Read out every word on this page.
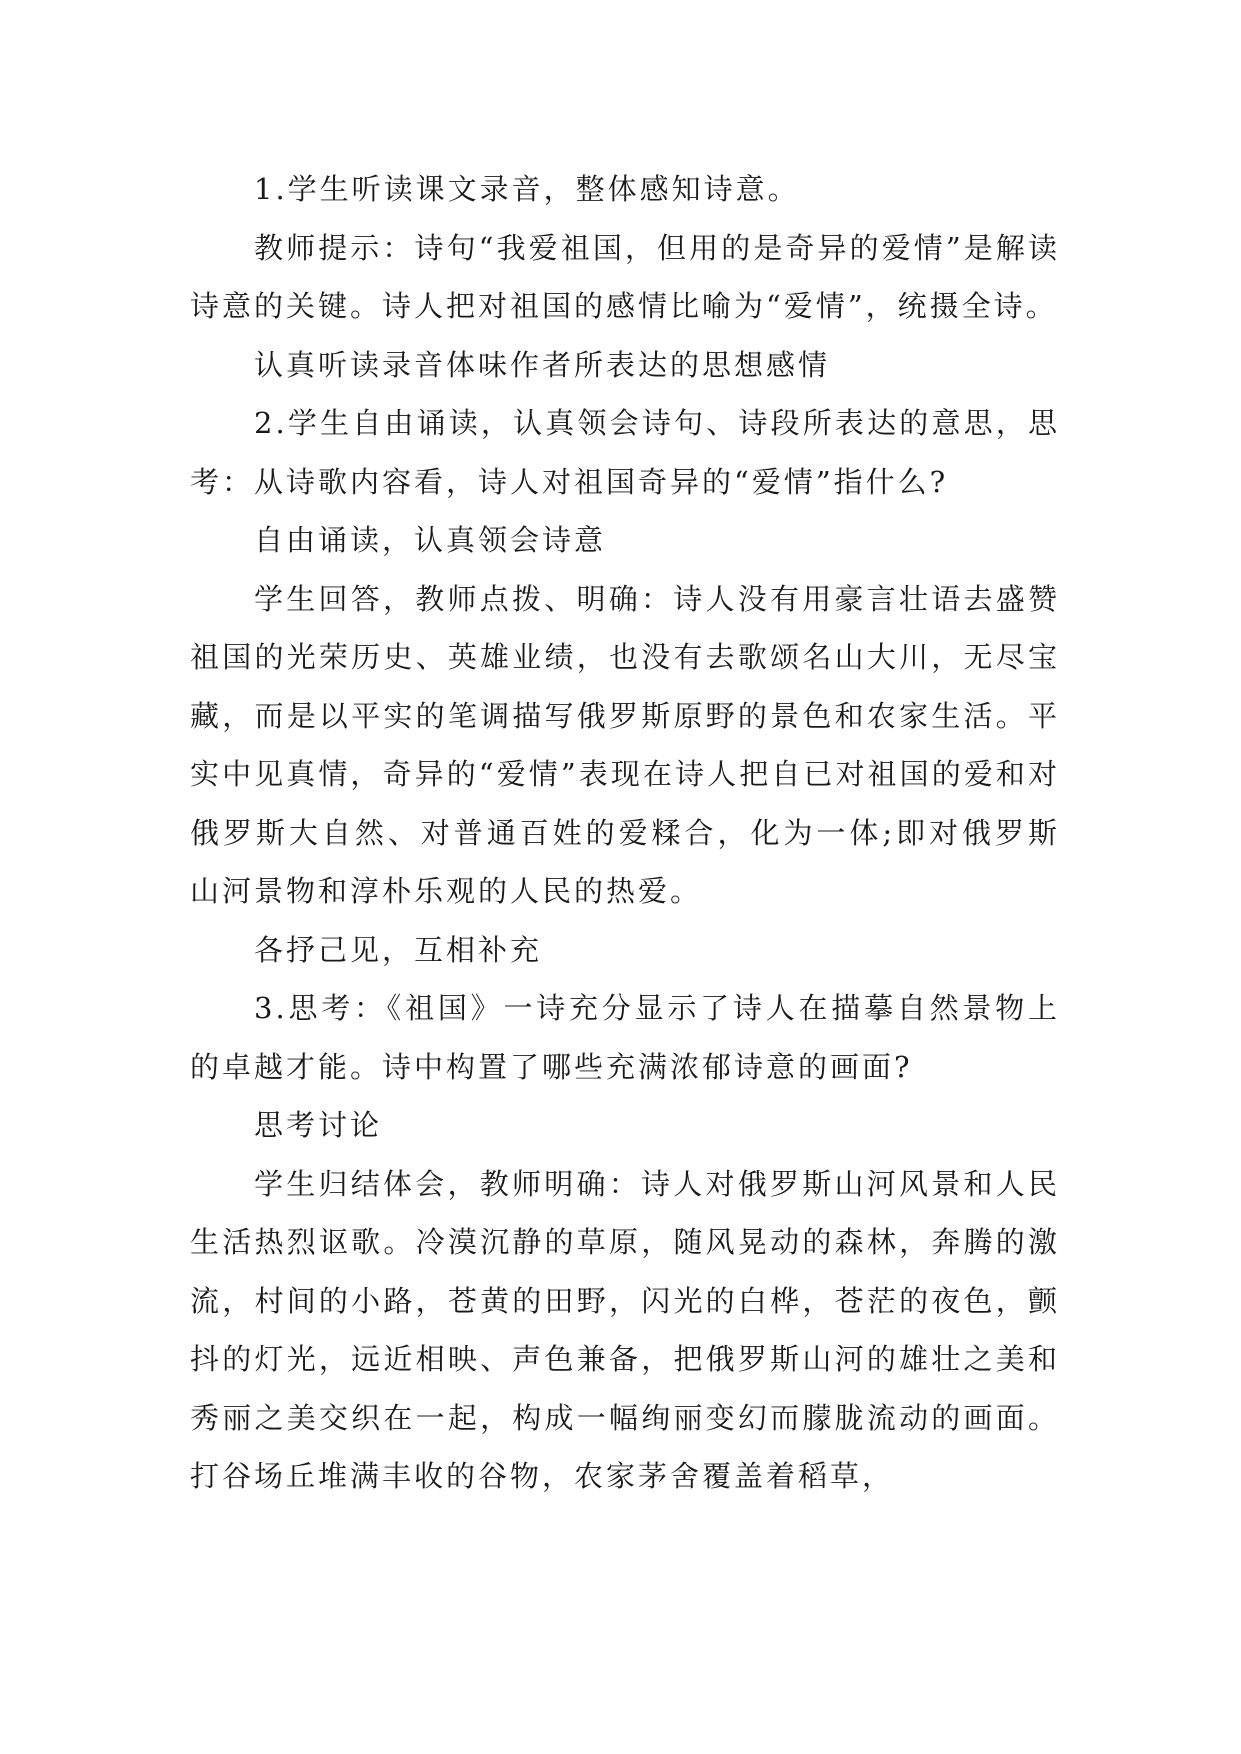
1.学生听读课文录音，整体感知诗意。

教师提示：诗句“我爱祖国，但用的是奇异的爱情”是解读诗意的关键。诗人把对祖国的感情比喻为“爱情”，统摄全诗。

认真听读录音体味作者所表达的思想感情

2.学生自由诵读，认真领会诗句、诗段所表达的意思，思考：从诗歌内容看，诗人对祖国奇异的“爱情”指什么?

自由诵读，认真领会诗意

学生回答，教师点拨、明确：诗人没有用豪言壮语去盛赞祖国的光荣历史、英雄业绩，也没有去歌颂名山大川，无尽宝藏，而是以平实的笔调描写俄罗斯原野的景色和农家生活。平实中见真情，奇异的“爱情”表现在诗人把自已对祖国的爱和对俄罗斯大自然、对普通百姓的爱糅合，化为一体;即对俄罗斯山河景物和淳朴乐观的人民的热爱。

各抒己见，互相补充

3.思考：《祖国》一诗充分显示了诗人在描摹自然景物上的卓越才能。诗中构置了哪些充满浓郁诗意的画面?

思考讨论

学生归结体会，教师明确：诗人对俄罗斯山河风景和人民生活热烈讴歌。冷漠沉静的草原，随风晃动的森林，奔腾的激流，村间的小路，苍黄的田野，闪光的白桦，苍茫的夜色，颤抖的灯光，远近相映、声色兼备，把俄罗斯山河的雄壮之美和秀丽之美交织在一起，构成一幅绚丽变幻而朦胧流动的画面。打谷场丘堆满丰收的谷物，农家茅舍覆盖着稻草，
